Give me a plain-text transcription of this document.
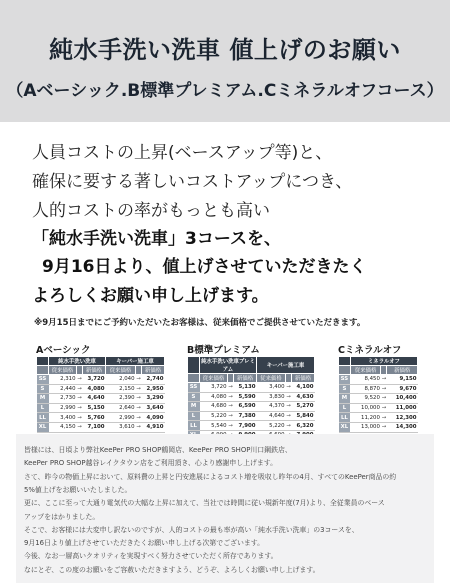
純水手洗い洗車 値上げのお願い
（Aベーシック.B標準プレミアム.Cミネラルオフコース）
人員コストの上昇(ベースアップ等)と、
確保に要する著しいコストアップにつき、
人的コストの率がもっとも高い
「純水手洗い洗車」3コースを、
9月16日より、値上げさせていただきたく
よろしくお願い申し上げます。
※9月15日までにご予約いただいたお客様は、従来価格でご提供させていただきます。
Aベーシック
	純水手洗い洗車			キーパー施工車		
	従来価格		新価格	従来価格		新価格
SS	2,310	→	3,720	2,040	→	2,740
S	2,440	→	4,080	2,150	→	2,950
M	2,730	→	4,640	2,390	→	3,290
L	2,990	→	5,150	2,640	→	3,640
LL	3,400	→	5,760	2,990	→	4,090
XL	4,150	→	7,100	3,610	→	4,910
B標準プレミアム
	純水手洗い洗車プレミアム			キーパー施工車		
	従来価格		新価格	従来価格		新価格
SS	3,720	→	5,130	3,400	→	4,100
S	4,080	→	5,590	3,830	→	4,630
M	4,680	→	6,590	4,370	→	5,270
L	5,220	→	7,380	4,640	→	5,840
LL	5,540	→	7,900	5,220	→	6,320

Cミネラルオフ
	ミネラルオフ		
	従来価格		新価格
SS	8,450	→	9,150
S	8,870	→	9,670
M	9,520	→	10,400
L	10,000	→	11,000
LL	11,200	→	12,300
XL	13,000	→	14,300
皆様には、日頃より弊社KeePer PRO SHOP鶴岡店、KeePer PRO SHOP川口鋼鉄店、
KeePer PRO SHOP越谷レイクタウン店をご利用頂き、心より感謝申し上げます。
さて、昨今の物価上昇において、原料費の上昇と円安進展によるコスト増を吸収し昨年の4月、すべてのKeePer商品の約
5%値上げをお願いいたしました。
更に、ここに至って大通り電気代の大幅な上昇に加えて、当社では時間に従い規新年度(7月)より、全従業員のベース
アップをはかりました。
そこで、お客様には大変申し訳ないのですが、人的コストの最も率が高い「純水手洗い洗車」の3コースを、
9月16日より値上げさせていただきたくお願い申し上げる次第でございます。
今後、なお一層高いクオリティを実現すべく努力させていただく所存であります。
なにとぞ、この度のお願いをご容赦いただきますよう、どうぞ、よろしくお願い申し上げます。
